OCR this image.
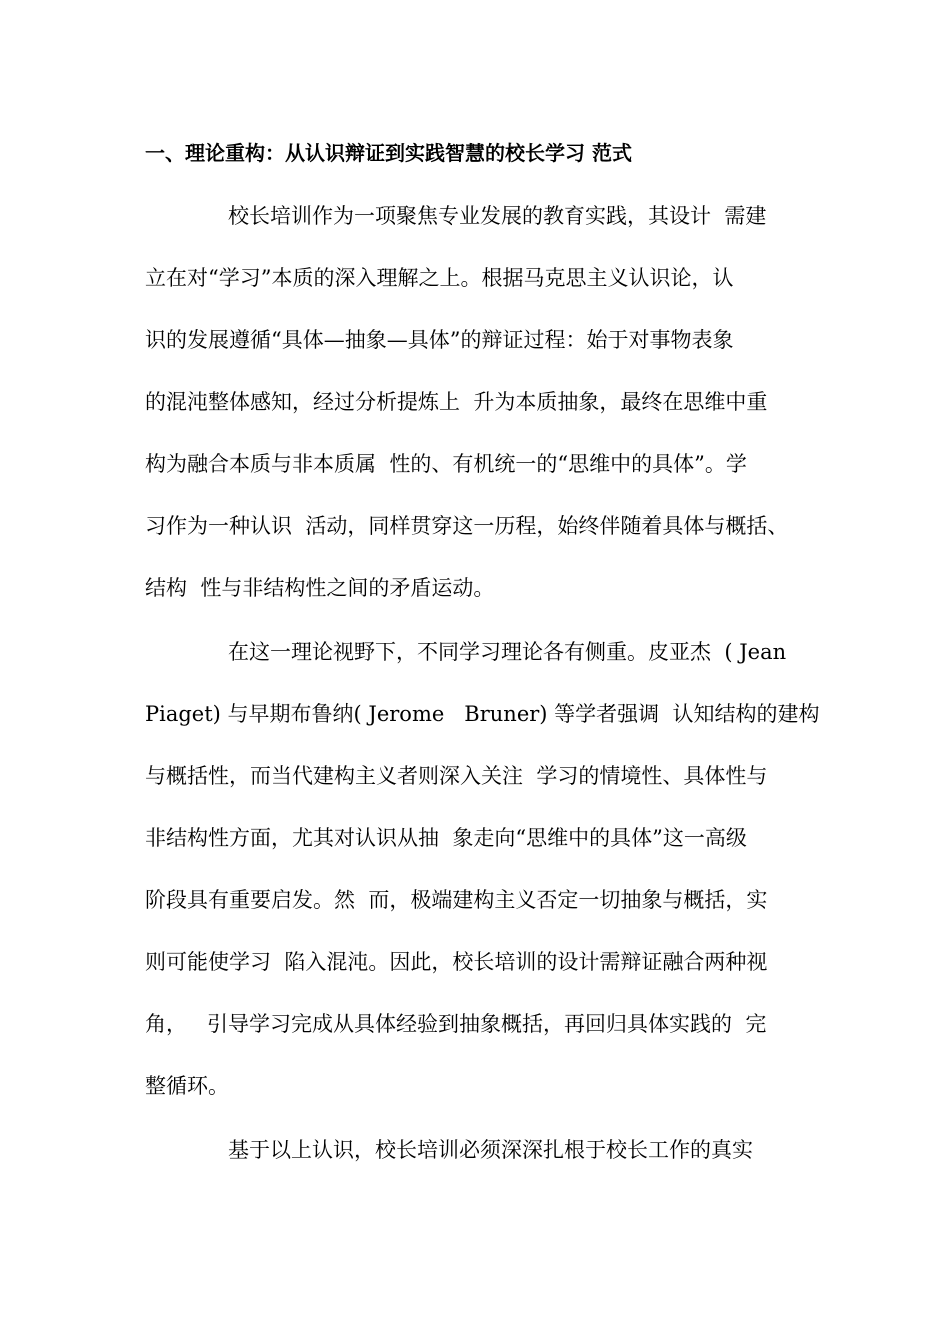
一、理论重构：从认识辩证到实践智慧的校长学习 范式

校长培训作为一项聚焦专业发展的教育实践，其设计  需建

立在对“学习”本质的深入理解之上。根据马克思主义认识论，认

识的发展遵循“具体—抽象—具体”的辩证过程：始于对事物表象

的混沌整体感知，经过分析提炼上  升为本质抽象，最终在思维中重

构为融合本质与非本质属  性的、有机统一的“思维中的具体”。学

习作为一种认识  活动，同样贯穿这一历程，始终伴随着具体与概括、

结构  性与非结构性之间的矛盾运动。

在这一理论视野下，不同学习理论各有侧重。皮亚杰  ( Jean

Piaget) 与早期布鲁纳( Jerome   Bruner) 等学者强调  认知结构的建构

与概括性，而当代建构主义者则深入关注  学习的情境性、具体性与

非结构性方面，尤其对认识从抽  象走向“思维中的具体”这一高级

阶段具有重要启发。然  而，极端建构主义否定一切抽象与概括，实

则可能使学习  陷入混沌。因此，校长培训的设计需辩证融合两种视

角，   引导学习完成从具体经验到抽象概括，再回归具体实践的  完

整循环。

基于以上认识，校长培训必须深深扎根于校长工作的真实
